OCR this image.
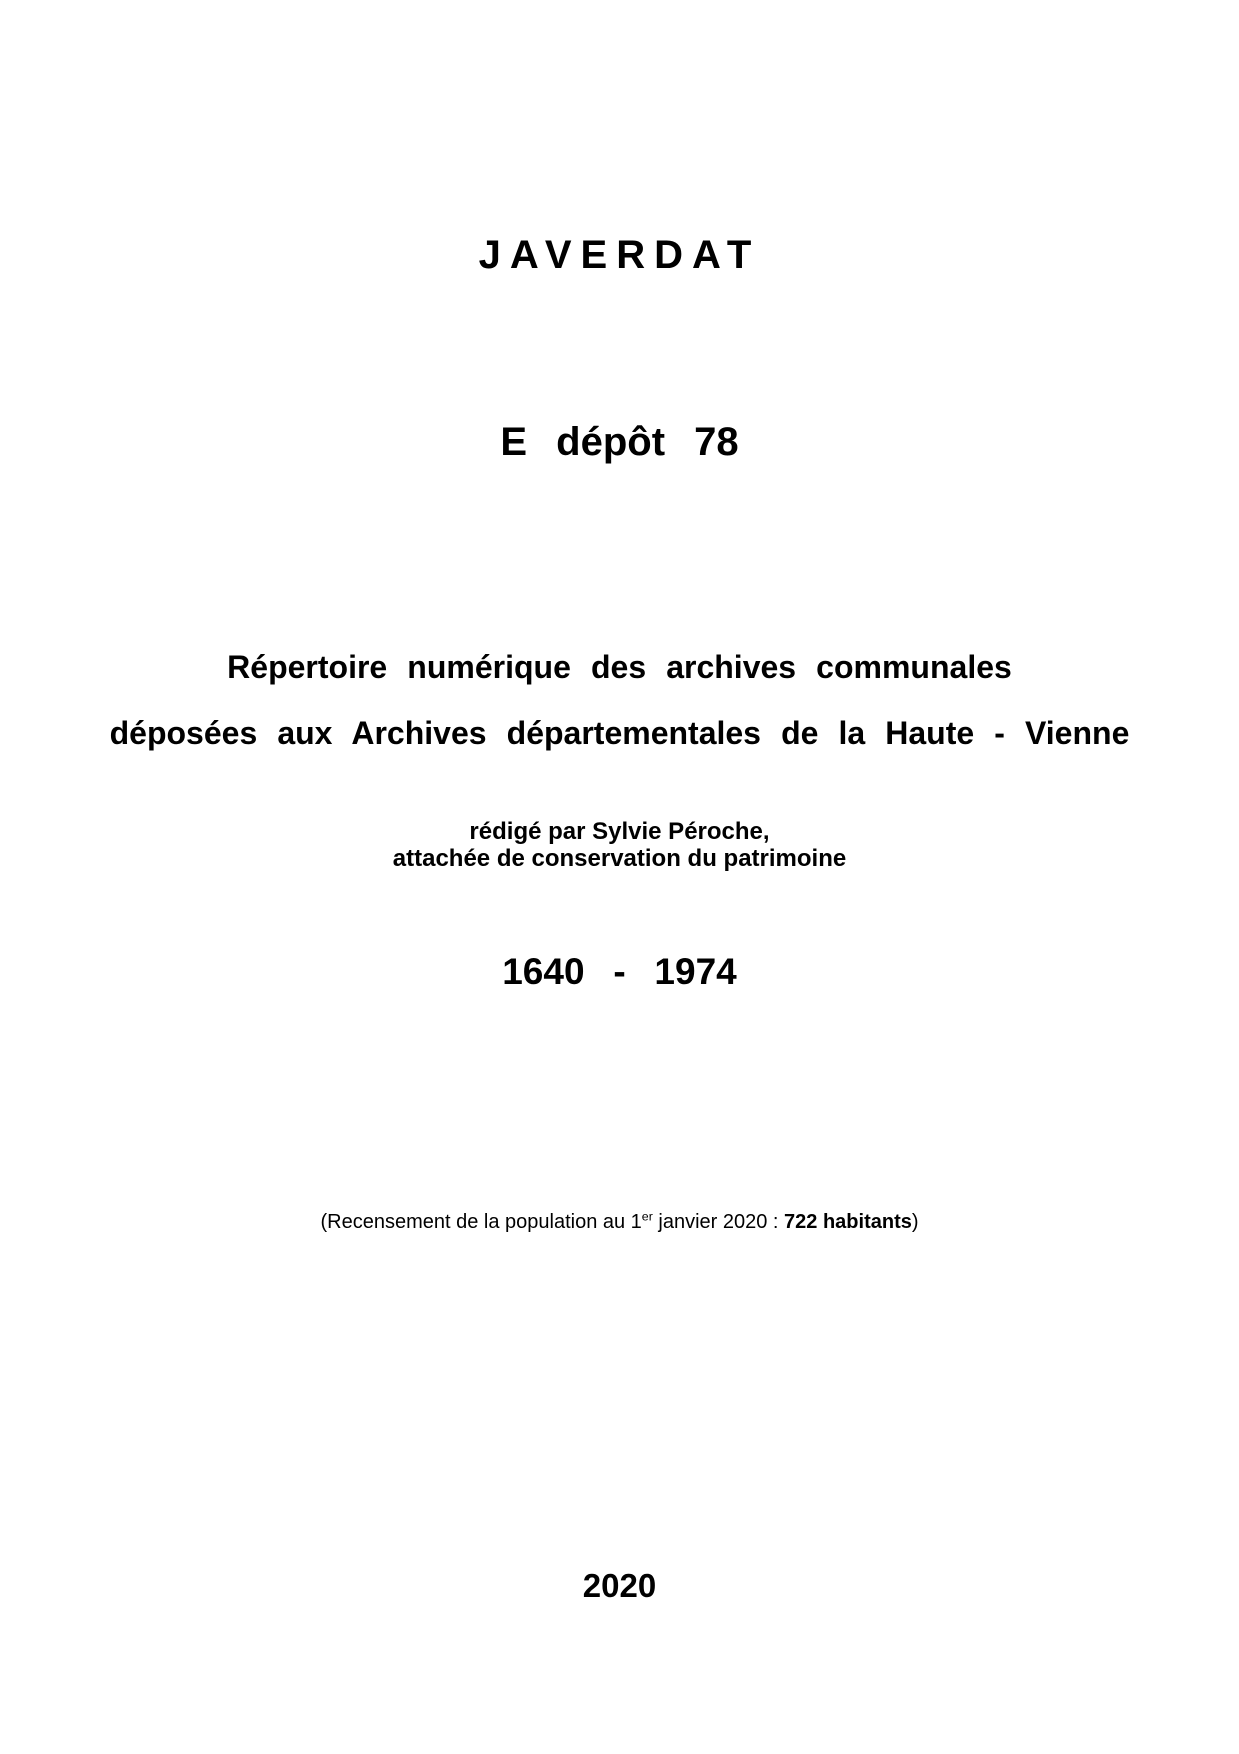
JAVERDAT
E dépôt 78
Répertoire numérique des archives communales
déposées aux Archives départementales de la Haute - Vienne
rédigé par Sylvie Péroche,
attachée de conservation du patrimoine
1640 - 1974
(Recensement de la population au 1er janvier 2020 : 722 habitants)
2020
